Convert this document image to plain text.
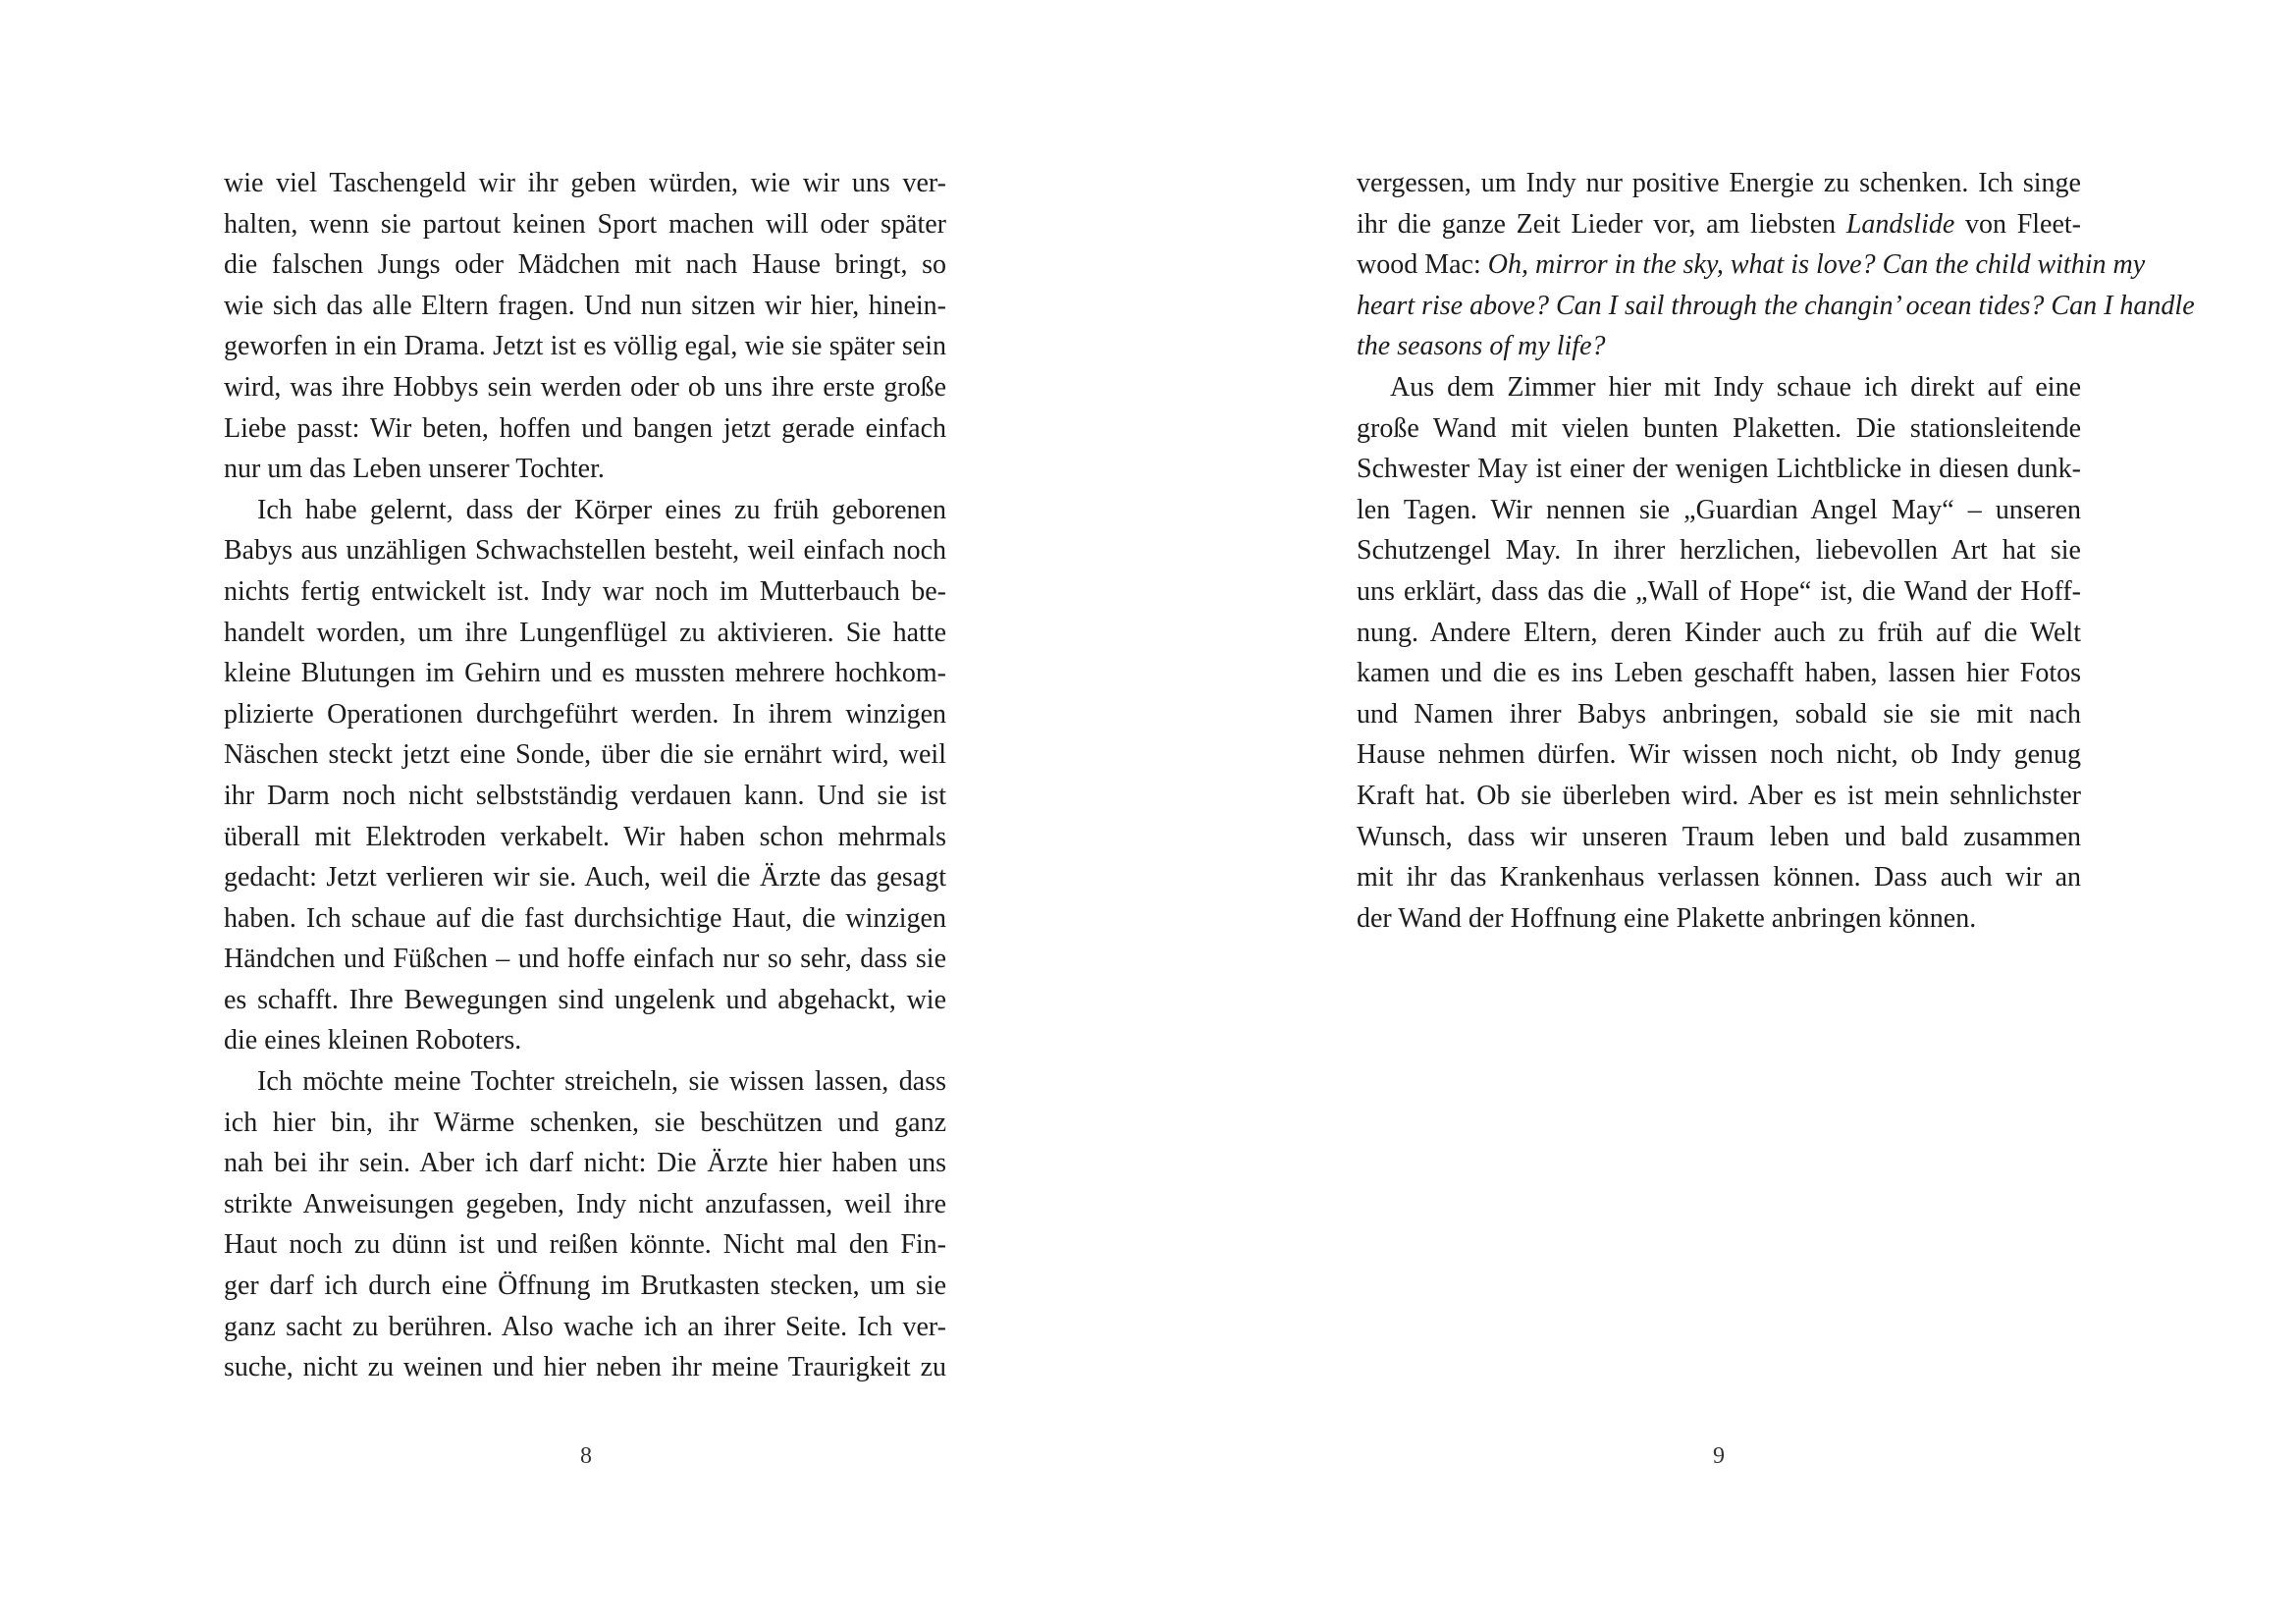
wie viel Taschengeld wir ihr geben würden, wie wir uns ver-
halten, wenn sie partout keinen Sport machen will oder später
die falschen Jungs oder Mädchen mit nach Hause bringt, so
wie sich das alle Eltern fragen. Und nun sitzen wir hier, hinein-
geworfen in ein Drama. Jetzt ist es völlig egal, wie sie später sein
wird, was ihre Hobbys sein werden oder ob uns ihre erste große
Liebe passt: Wir beten, hoffen und bangen jetzt gerade einfach
nur um das Leben unserer Tochter.
Ich habe gelernt, dass der Körper eines zu früh geborenen
Babys aus unzähligen Schwachstellen besteht, weil einfach noch
nichts fertig entwickelt ist. Indy war noch im Mutterbauch be-
handelt worden, um ihre Lungenflügel zu aktivieren. Sie hatte
kleine Blutungen im Gehirn und es mussten mehrere hochkom-
plizierte Operationen durchgeführt werden. In ihrem winzigen
Näschen steckt jetzt eine Sonde, über die sie ernährt wird, weil
ihr Darm noch nicht selbstständig verdauen kann. Und sie ist
überall mit Elektroden verkabelt. Wir haben schon mehrmals
gedacht: Jetzt verlieren wir sie. Auch, weil die Ärzte das gesagt
haben. Ich schaue auf die fast durchsichtige Haut, die winzigen
Händchen und Füßchen – und hoffe einfach nur so sehr, dass sie
es schafft. Ihre Bewegungen sind ungelenk und abgehackt, wie
die eines kleinen Roboters.
Ich möchte meine Tochter streicheln, sie wissen lassen, dass
ich hier bin, ihr Wärme schenken, sie beschützen und ganz
nah bei ihr sein. Aber ich darf nicht: Die Ärzte hier haben uns
strikte Anweisungen gegeben, Indy nicht anzufassen, weil ihre
Haut noch zu dünn ist und reißen könnte. Nicht mal den Fin-
ger darf ich durch eine Öffnung im Brutkasten stecken, um sie
ganz sacht zu berühren. Also wache ich an ihrer Seite. Ich ver-
suche, nicht zu weinen und hier neben ihr meine Traurigkeit zu
8
vergessen, um Indy nur positive Energie zu schenken. Ich singe
ihr die ganze Zeit Lieder vor, am liebsten Landslide von Fleet-
wood Mac: Oh, mirror in the sky, what is love? Can the child within my
heart rise above? Can I sail through the changin’ ocean tides? Can I handle
the seasons of my life?
Aus dem Zimmer hier mit Indy schaue ich direkt auf eine
große Wand mit vielen bunten Plaketten. Die stationsleitende
Schwester May ist einer der wenigen Lichtblicke in diesen dunk-
len Tagen. Wir nennen sie „Guardian Angel May“ – unseren
Schutzengel May. In ihrer herzlichen, liebevollen Art hat sie
uns erklärt, dass das die „Wall of Hope“ ist, die Wand der Hoff-
nung. Andere Eltern, deren Kinder auch zu früh auf die Welt
kamen und die es ins Leben geschafft haben, lassen hier Fotos
und Namen ihrer Babys anbringen, sobald sie sie mit nach
Hause nehmen dürfen. Wir wissen noch nicht, ob Indy genug
Kraft hat. Ob sie überleben wird. Aber es ist mein sehnlichster
Wunsch, dass wir unseren Traum leben und bald zusammen
mit ihr das Krankenhaus verlassen können. Dass auch wir an
der Wand der Hoffnung eine Plakette anbringen können.
9
